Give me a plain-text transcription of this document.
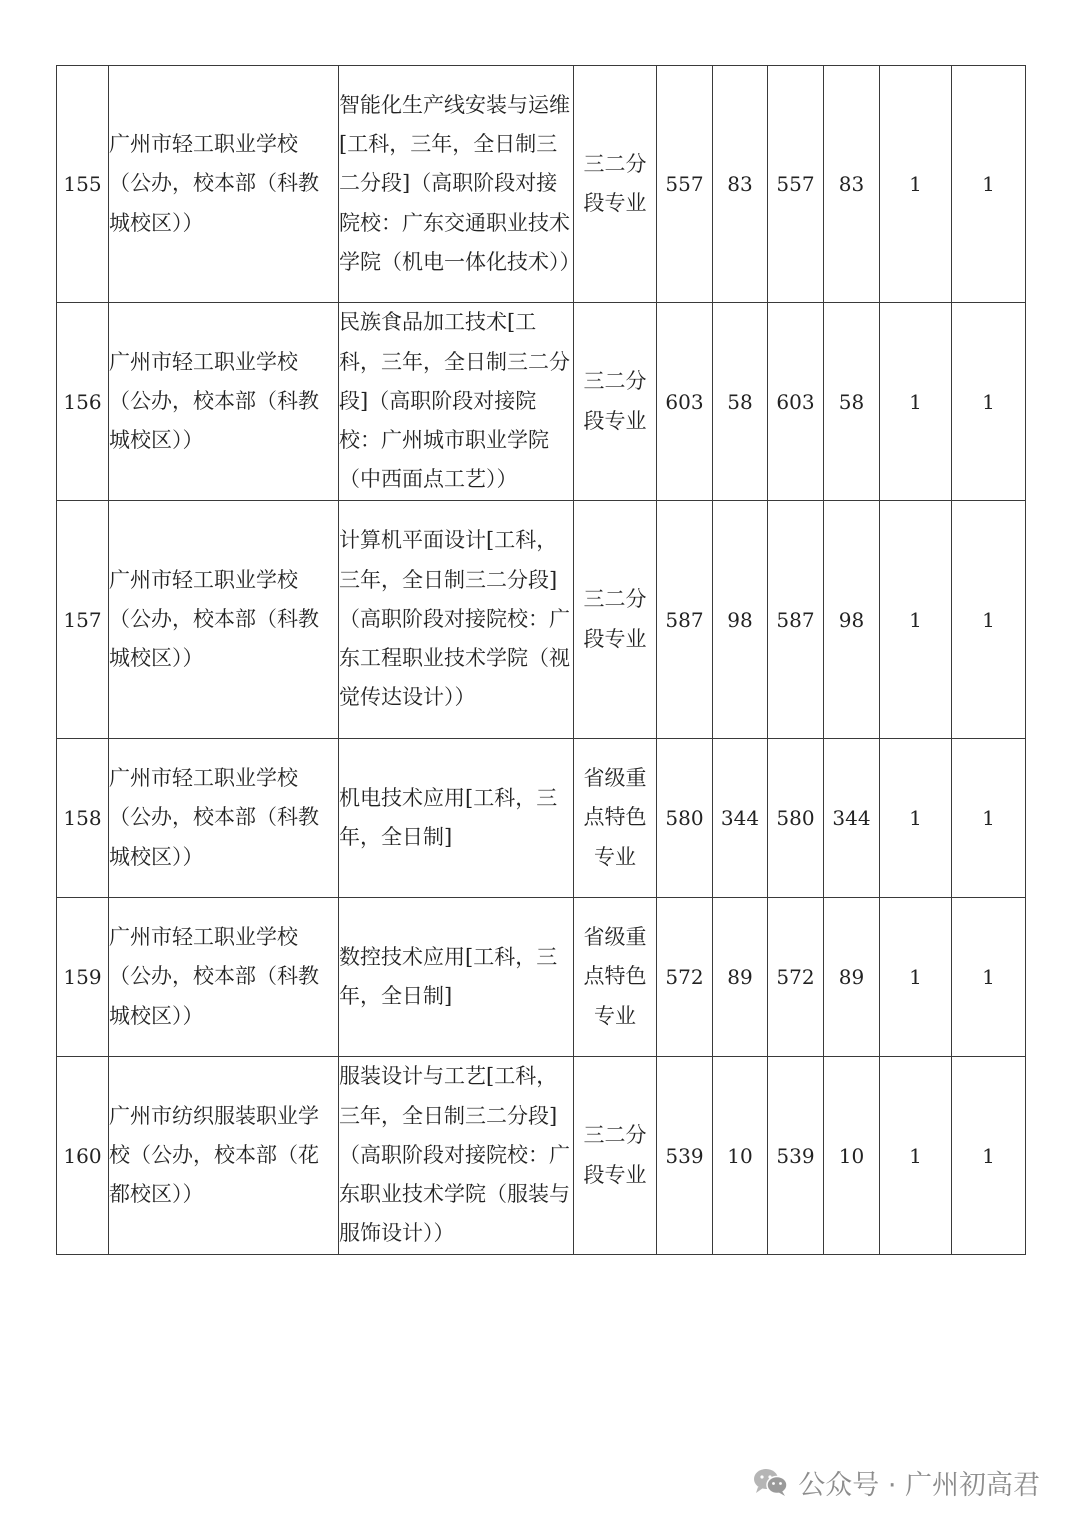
155	广州市轻工职业学校（公办，校本部（科教城校区））	智能化生产线安装与运维[工科，三年，全日制三二分段]（高职阶段对接院校：广东交通职业技术学院（机电一体化技术））	三二分段专业	557	83	557	83	1	1
156	广州市轻工职业学校（公办，校本部（科教城校区））	民族食品加工技术[工科，三年，全日制三二分段]（高职阶段对接院校：广州城市职业学院（中西面点工艺））	三二分段专业	603	58	603	58	1	1
157	广州市轻工职业学校（公办，校本部（科教城校区））	计算机平面设计[工科，三年，全日制三二分段]（高职阶段对接院校：广东工程职业技术学院（视觉传达设计））	三二分段专业	587	98	587	98	1	1
158	广州市轻工职业学校（公办，校本部（科教城校区））	机电技术应用[工科，三年，全日制]	省级重点特色专业	580	344	580	344	1	1
159	广州市轻工职业学校（公办，校本部（科教城校区））	数控技术应用[工科，三年，全日制]	省级重点特色专业	572	89	572	89	1	1
160	广州市纺织服装职业学校（公办，校本部（花都校区））	服装设计与工艺[工科，三年，全日制三二分段]（高职阶段对接院校：广东职业技术学院（服装与服饰设计））	三二分段专业	539	10	539	10	1	1
公众号 · 广州初高君
